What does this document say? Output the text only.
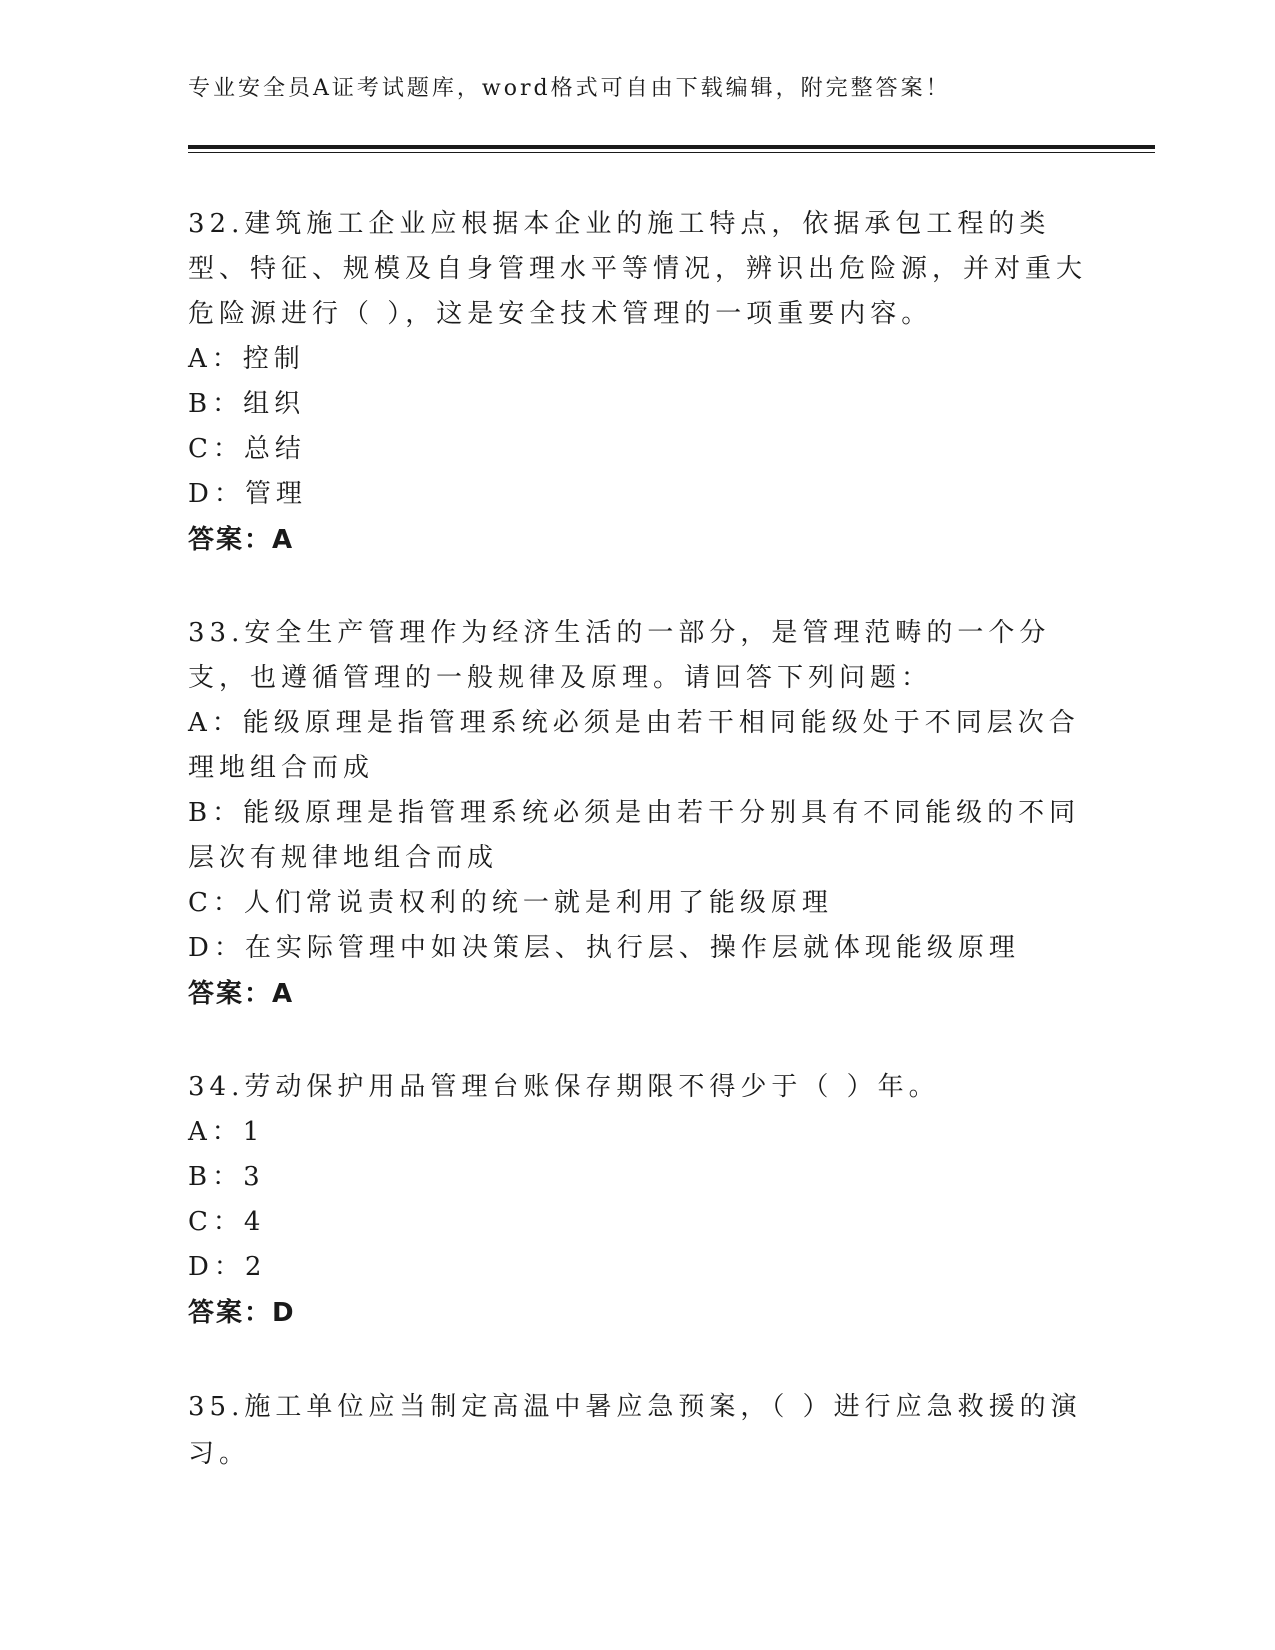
专业安全员A证考试题库，word格式可自由下载编辑，附完整答案！
32.建筑施工企业应根据本企业的施工特点，依据承包工程的类型、特征、规模及自身管理水平等情况，辨识出危险源，并对重大危险源进行（ ），这是安全技术管理的一项重要内容。
A：控制
B：组织
C：总结
D：管理
答案：A
33.安全生产管理作为经济生活的一部分，是管理范畴的一个分支，也遵循管理的一般规律及原理。请回答下列问题：
A：能级原理是指管理系统必须是由若干相同能级处于不同层次合理地组合而成
B：能级原理是指管理系统必须是由若干分别具有不同能级的不同层次有规律地组合而成
C：人们常说责权利的统一就是利用了能级原理
D：在实际管理中如决策层、执行层、操作层就体现能级原理
答案：A
34.劳动保护用品管理台账保存期限不得少于（ ）年。
A：1
B：3
C：4
D：2
答案：D
35.施工单位应当制定高温中暑应急预案，（ ）进行应急救援的演习。
